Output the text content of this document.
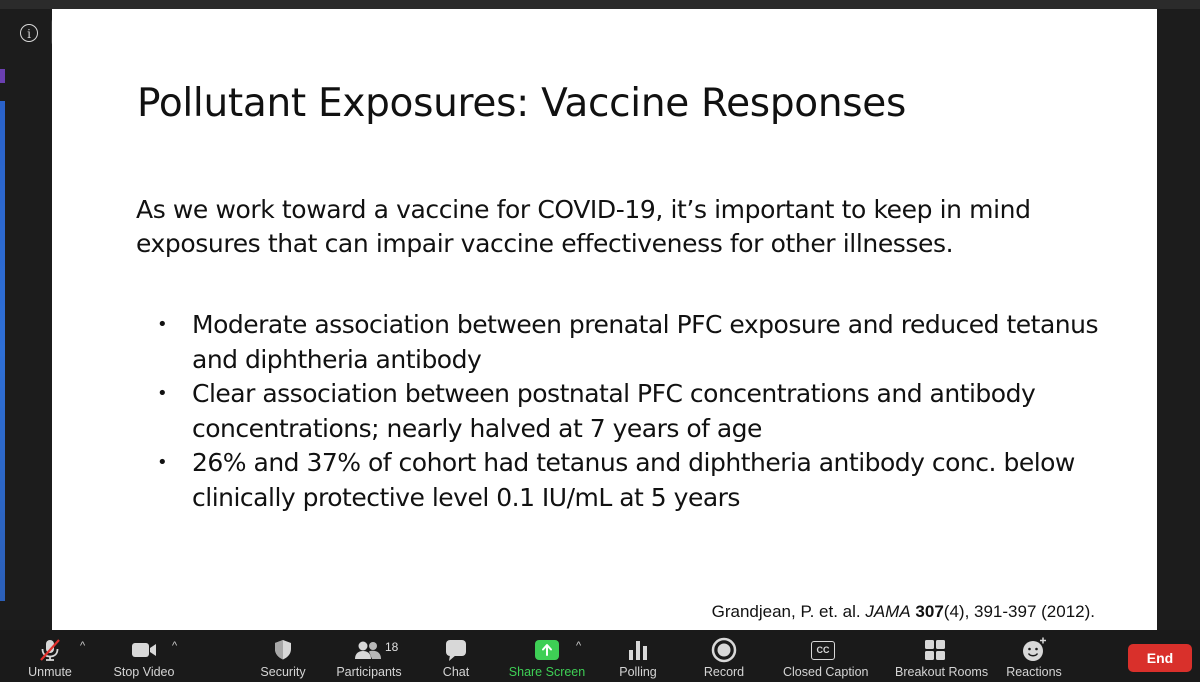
i
Pollutant Exposures: Vaccine Responses
As we work toward a vaccine for COVID-19, it’s important to keep in mind exposures that can impair vaccine effectiveness for other illnesses.
• Moderate association between prenatal PFC exposure and reduced tetanus and diphtheria antibody
• Clear association between postnatal PFC concentrations and antibody concentrations; nearly halved at 7 years of age
• 26% and 37% of cohort had tetanus and diphtheria antibody conc. below clinically protective level 0.1 IU/mL at 5 years
Grandjean, P. et. al. JAMA 307(4), 391-397 (2012).
Unmute
^
Stop Video
^
Security	Participants
18
Chat	Share Screen
^
Polling	Record
CC
Closed Caption Breakout Rooms	Reactions
End
